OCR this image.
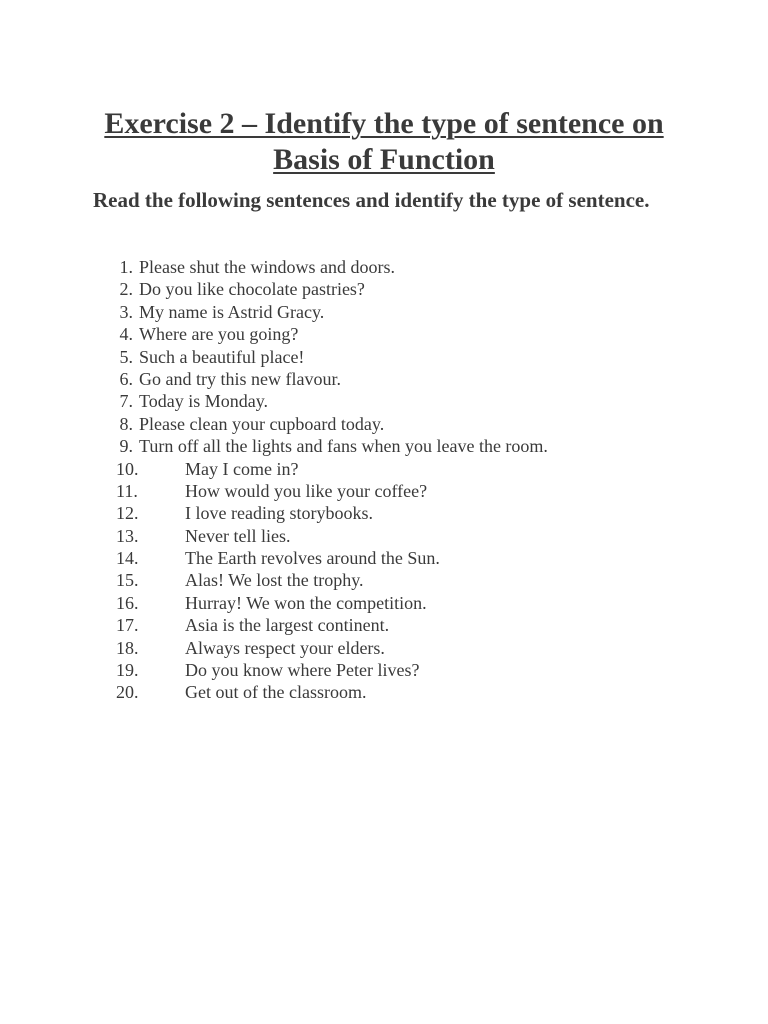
Exercise 2 – Identify the type of sentence on Basis of Function

Read the following sentences and identify the type of sentence.

1. Please shut the windows and doors.
2. Do you like chocolate pastries?
3. My name is Astrid Gracy.
4. Where are you going?
5. Such a beautiful place!
6. Go and try this new flavour.
7. Today is Monday.
8. Please clean your cupboard today.
9. Turn off all the lights and fans when you leave the room.
10.	May I come in?
11.	How would you like your coffee?
12.	I love reading storybooks.
13.	Never tell lies.
14.	The Earth revolves around the Sun.
15.	Alas! We lost the trophy.
16.	Hurray! We won the competition.
17.	Asia is the largest continent.
18.	Always respect your elders.
19.	Do you know where Peter lives?
20.	Get out of the classroom.
